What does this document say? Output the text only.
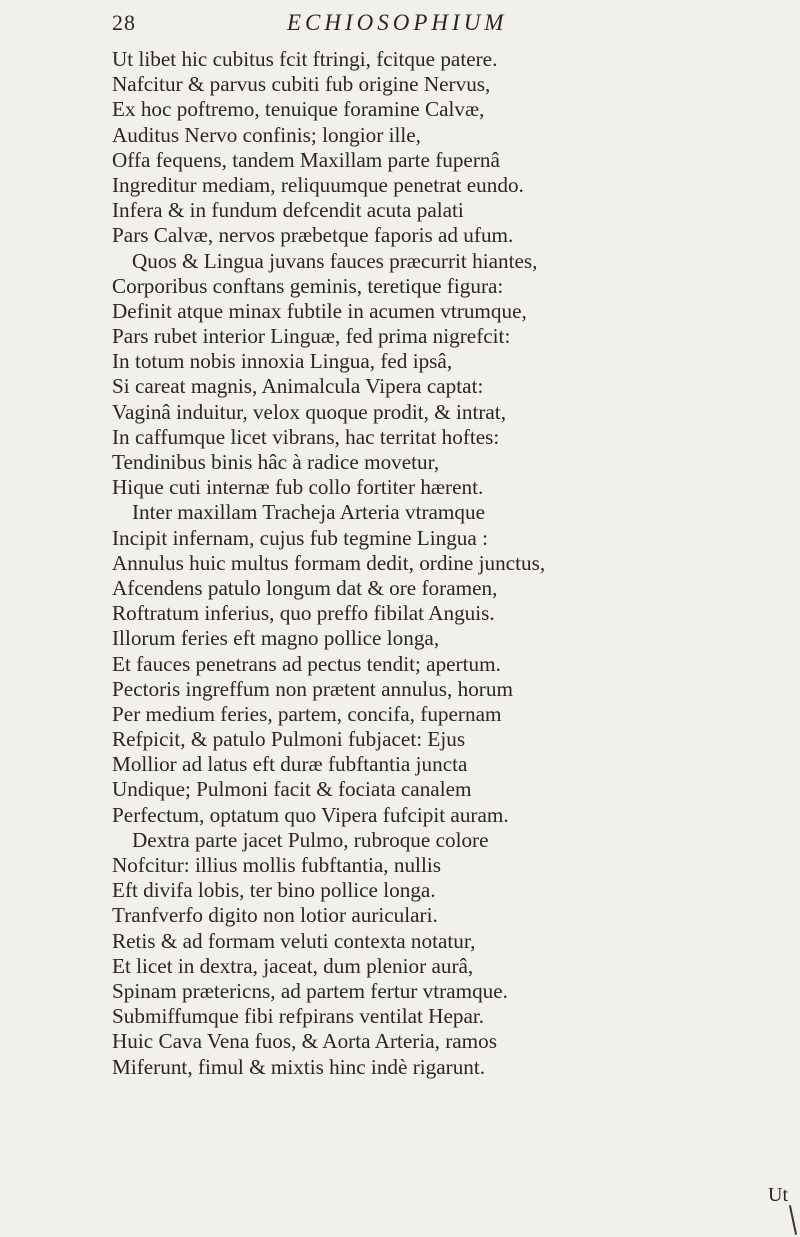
28	ECHIOSOPHIUM
Ut libet hic cubitus fcit ftringi, fcitque patere.
Nafcitur & parvus cubiti fub origine Nervus,
Ex hoc poftremo, tenuique foramine Calvæ,
Auditus Nervo confinis; longior ille,
Offa fequens, tandem Maxillam parte fupernâ
Ingreditur mediam, reliquumque penetrat eundo.
Infera & in fundum defcendit acuta palati
Pars Calvæ, nervos præbetque faporis ad ufum.
Quos & Lingua juvans fauces præcurrit hiantes,
Corporibus conftans geminis, teretique figura:
Definit atque minax fubtile in acumen vtrumque,
Pars rubet interior Linguæ, fed prima nigrefcit:
In totum nobis innoxia Lingua, fed ipsâ,
Si careat magnis, Animalcula Vipera captat:
Vaginâ induitur, velox quoque prodit, & intrat,
In caffumque licet vibrans, hac territat hoftes:
Tendinibus binis hâc à radice movetur,
Hique cuti internæ fub collo fortiter hærent.
Inter maxillam Tracheja Arteria vtramque
Incipit infernam, cujus fub tegmine Lingua :
Annulus huic multus formam dedit, ordine junctus,
Afcendens patulo longum dat & ore foramen,
Roftratum inferius, quo preffo fibilat Anguis.
Illorum feries eft magno pollice longa,
Et fauces penetrans ad pectus tendit; apertum.
Pectoris ingreffum non prætent annulus, horum
Per medium feries, partem, concifa, fupernam
Refpicit, & patulo Pulmoni fubjacet: Ejus
Mollior ad latus eft duræ fubftantia juncta
Undique; Pulmoni facit & fociata canalem
Perfectum, optatum quo Vipera fufcipit auram.
Dextra parte jacet Pulmo, rubroque colore
Nofcitur: illius mollis fubftantia, nullis
Eft divifa lobis, ter bino pollice longa.
Tranfverfo digito non lotior auriculari.
Retis & ad formam veluti contexta notatur,
Et licet in dextra, jaceat, dum plenior aurâ,
Spinam prætericns, ad partem fertur vtramque.
Submiffumque fibi refpirans ventilat Hepar.
Huic Cava Vena fuos, & Aorta Arteria, ramos
Miferunt, fimul & mixtis hinc indè rigarunt.
Ut
